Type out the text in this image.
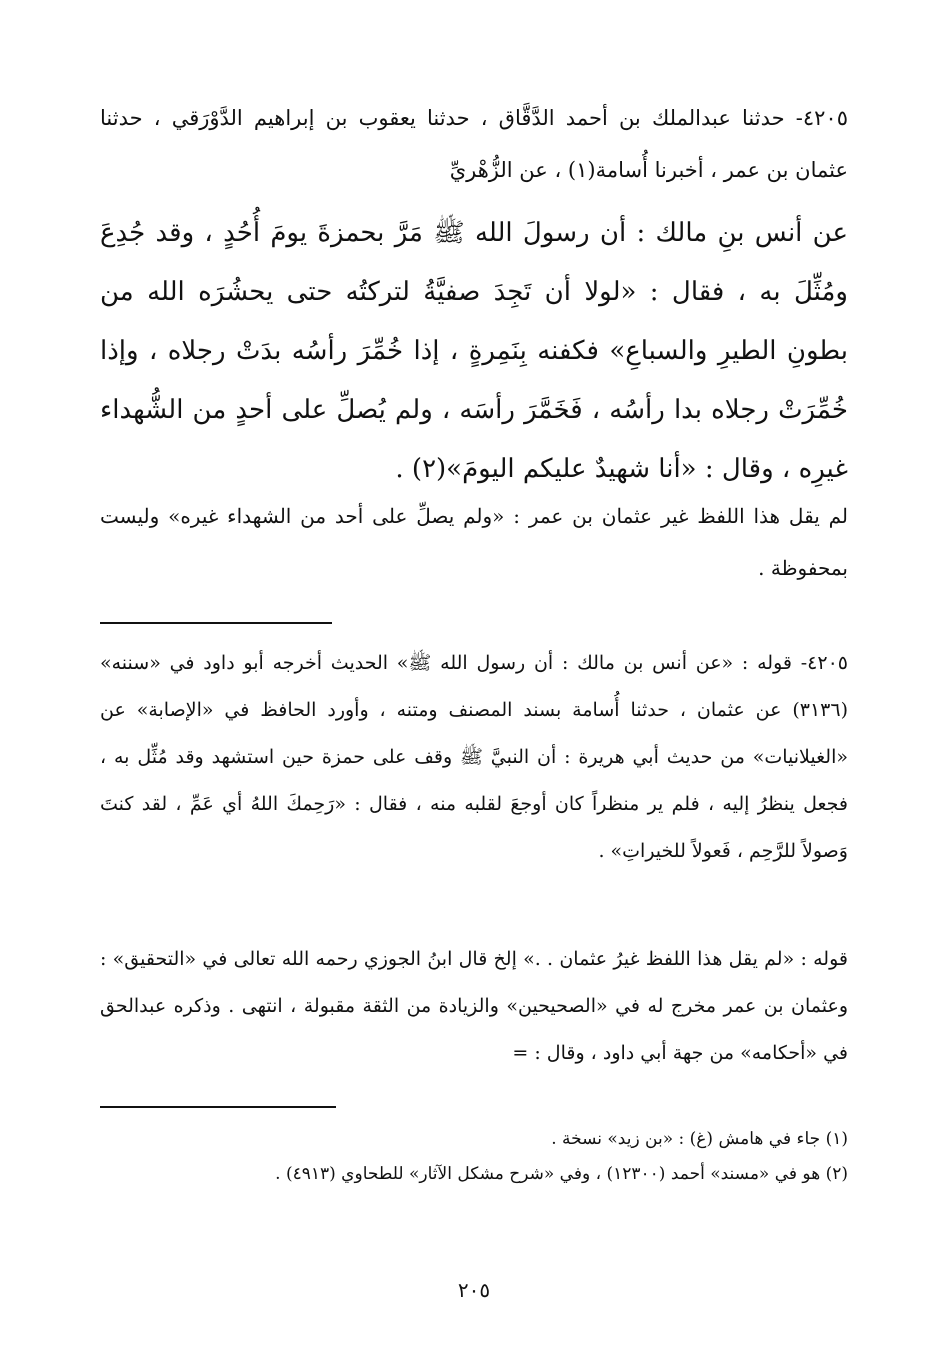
٤٢٠٥- حدثنا عبدالملك بن أحمد الدَّقَّاق ، حدثنا يعقوب بن إبراهيم الدَّوْرَقي ، حدثنا عثمان بن عمر ، أخبرنا أُسامة(١) ، عن الزُّهْريِّ

عن أنس بنِ مالك : أن رسولَ الله ﷺ مَرَّ بحمزةَ يومَ أُحُدٍ ، وقد جُدِعَ ومُثِّلَ به ، فقال : «لولا أن تَجِدَ صفيَّةُ لتركتُه حتى يحشُرَه الله من بطونِ الطيرِ والسباعِ» فكفنه بِنَمِرةٍ ، إذا خُمِّرَ رأسُه بدَتْ رجلاه ، وإذا خُمِّرَتْ رجلاه بدا رأسُه ، فَخَمَّرَ رأسَه ، ولم يُصلِّ على أحدٍ من الشُّهداء غيرِه ، وقال : «أنا شهيدٌ عليكم اليومَ»(٢) .

لم يقل هذا اللفظ غير عثمان بن عمر : «ولم يصلِّ على أحد من الشهداء غيره» وليست بمحفوظة .

٤٢٠٥- قوله : «عن أنس بن مالك : أن رسول الله ﷺ» الحديث أخرجه أبو داود في «سننه» (٣١٣٦) عن عثمان ، حدثنا أُسامة بسند المصنف ومتنه ، وأورد الحافظ في «الإصابة» عن «الغيلانيات» من حديث أبي هريرة : أن النبيَّ ﷺ وقف على حمزة حين استشهد وقد مُثِّل به ، فجعل ينظرُ إليه ، فلم ير منظراً كان أوجعَ لقلبه منه ، فقال : «رَحِمكَ اللهُ أي عَمِّ ، لقد كنتَ وَصولاً للرَّحِم ، فَعولاً للخيراتِ» .

قوله : «لم يقل هذا اللفظ غيرُ عثمان . .» إلخ قال ابنُ الجوزي رحمه الله تعالى في «التحقيق» : وعثمان بن عمر مخرج له في «الصحيحين» والزيادة من الثقة مقبولة ، انتهى . وذكره عبدالحق في «أحكامه» من جهة أبي داود ، وقال : =

(١) جاء في هامش (غ) : «بن زيد» نسخة .

(٢) هو في «مسند» أحمد (١٢٣٠٠) ، وفي «شرح مشكل الآثار» للطحاوي (٤٩١٣) .

٢٠٥
